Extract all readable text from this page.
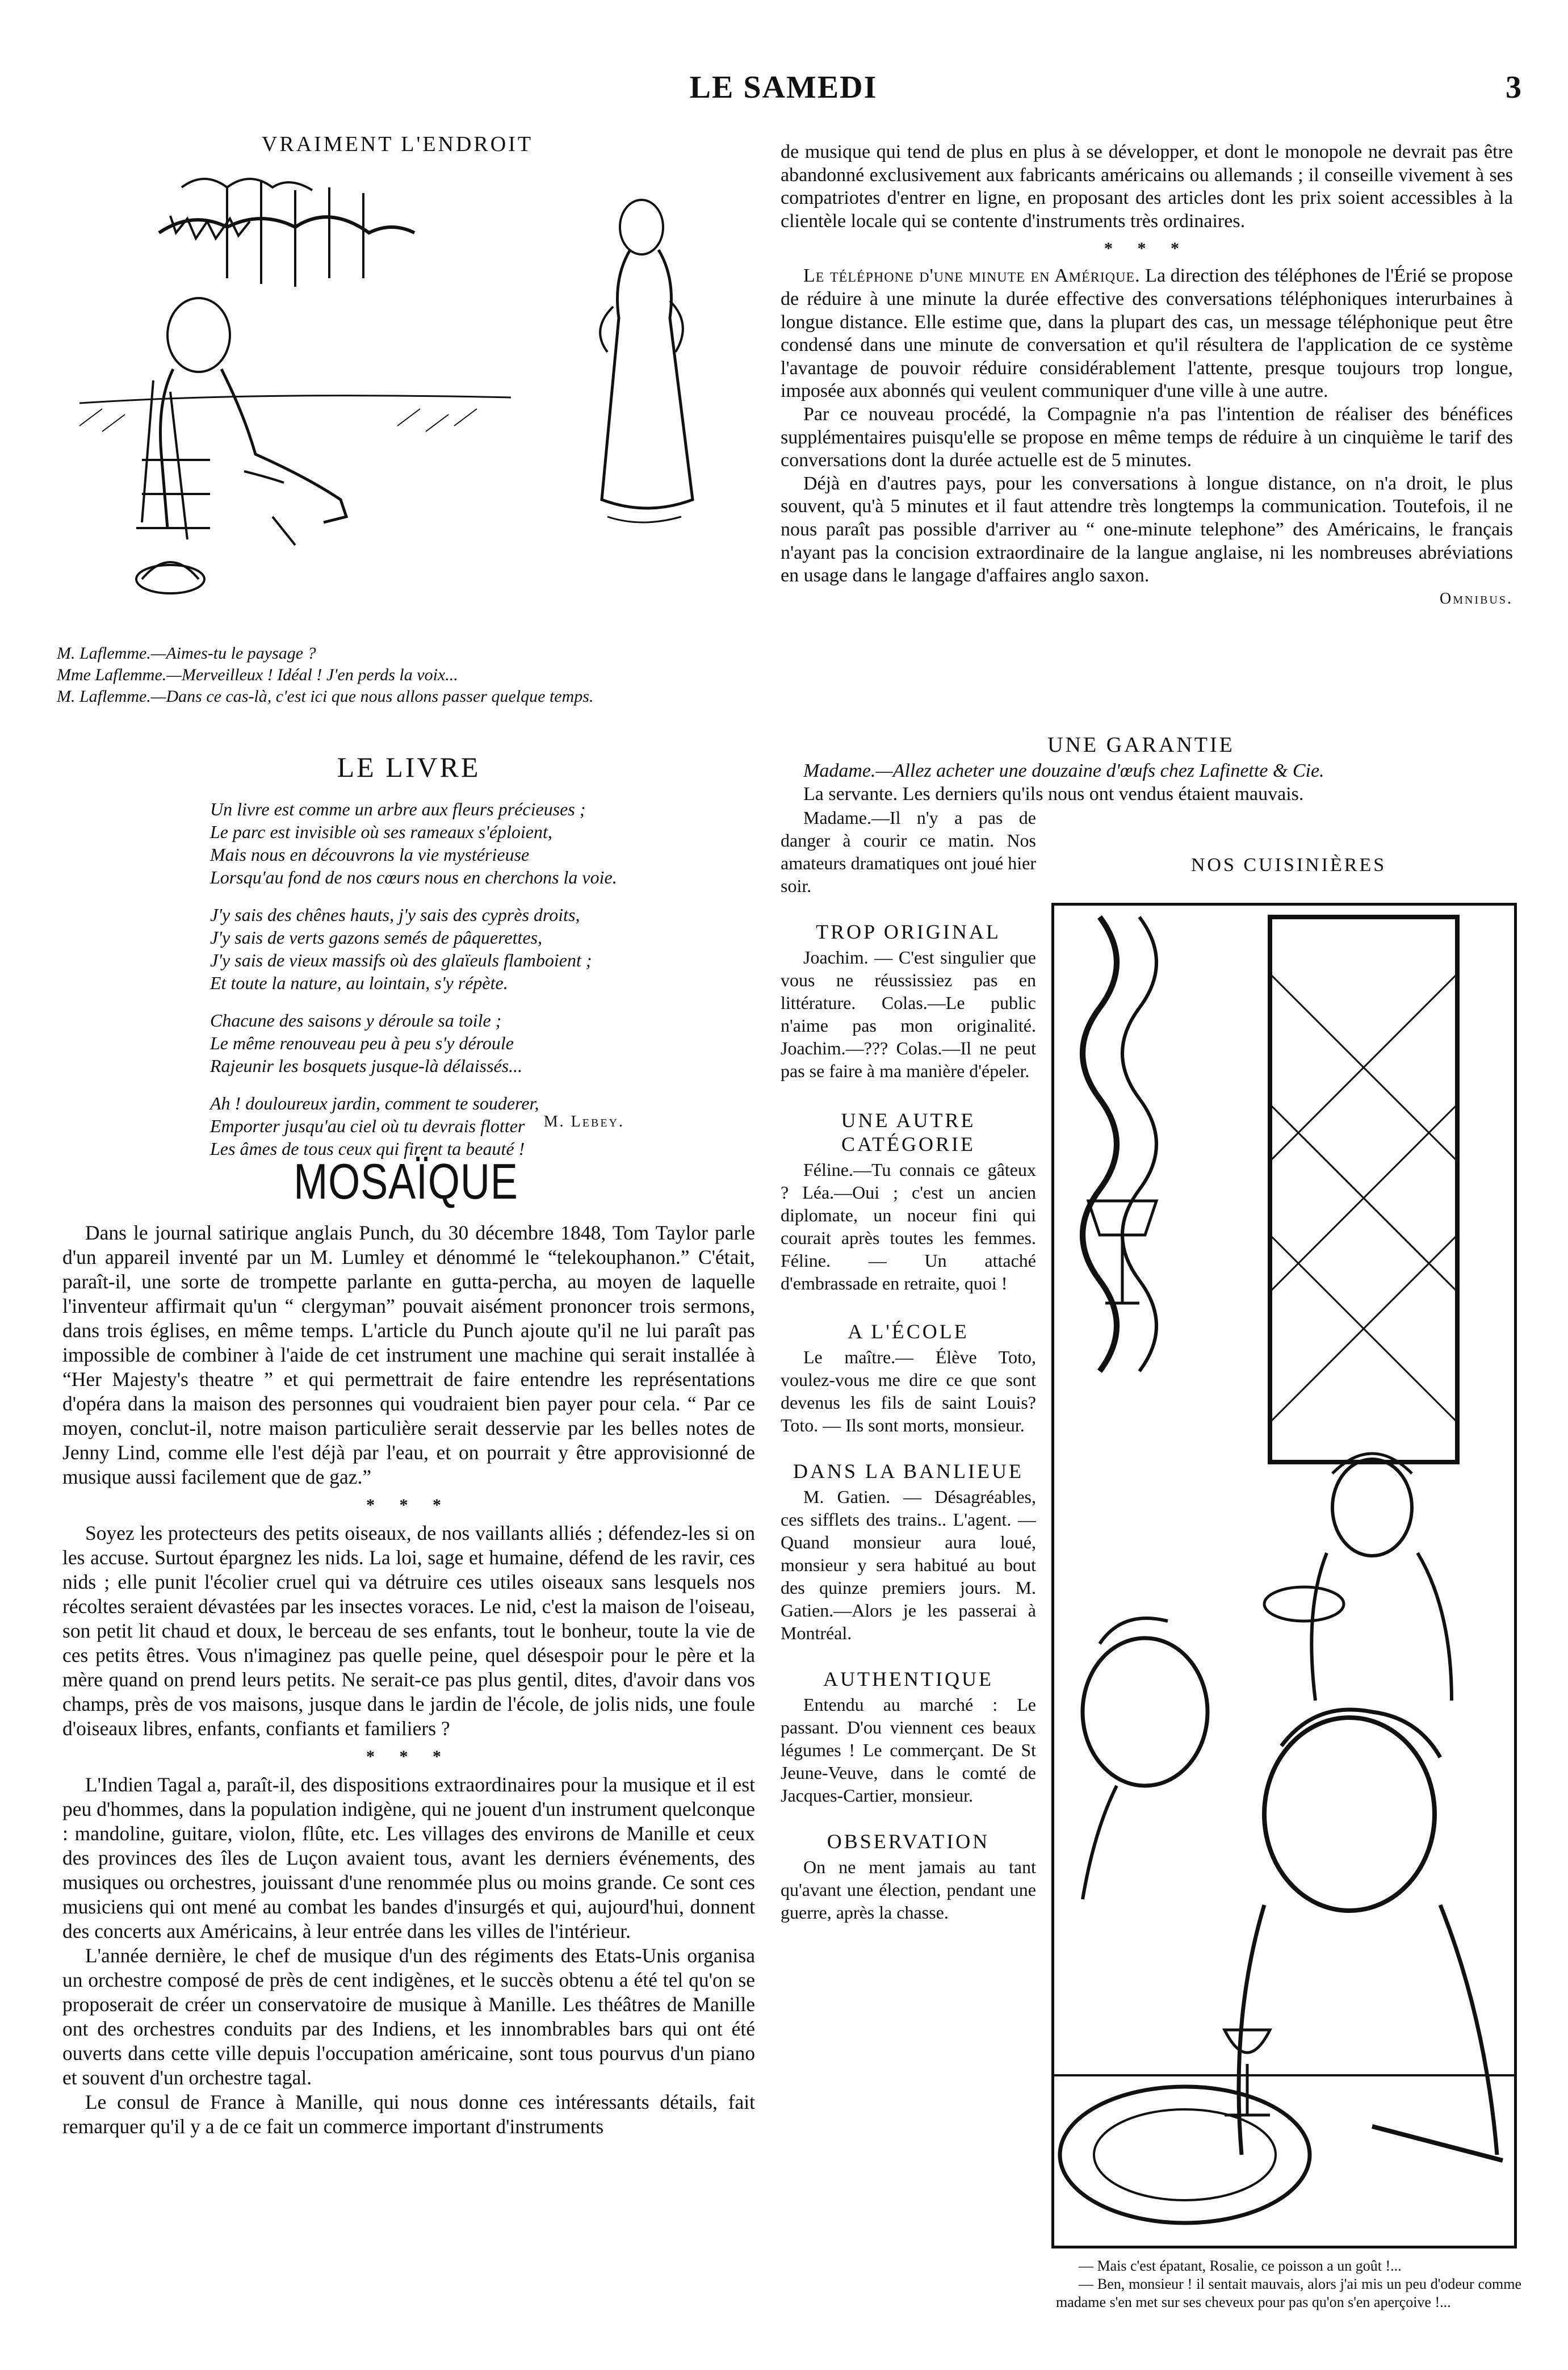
LE SAMEDI	3
VRAIMENT L'ENDROIT

M. Laflemme.—Aimes-tu le paysage ?

Mme Laflemme.—Merveilleux ! Idéal ! J'en perds la voix...

M. Laflemme.—Dans ce cas-là, c'est ici que nous allons passer quelque temps.

LE LIVRE

Un livre est comme un arbre aux fleurs précieuses ;

Le parc est invisible où ses rameaux s'éploient,

Mais nous en découvrons la vie mystérieuse

Lorsqu'au fond de nos cœurs nous en cherchons la voie.

J'y sais des chênes hauts, j'y sais des cyprès droits,

J'y sais de verts gazons semés de pâquerettes,

J'y sais de vieux massifs où des glaïeuls flamboient ;

Et toute la nature, au lointain, s'y répète.

Chacune des saisons y déroule sa toile ;

Le même renouveau peu à peu s'y déroule

Rajeunir les bosquets jusque-là délaissés...

Ah ! douloureux jardin, comment te souderer,

Emporter jusqu'au ciel où tu devrais flotter

Les âmes de tous ceux qui firent ta beauté !

M. Lebey.
MOSAÏQUE

Dans le journal satirique anglais Punch, du 30 décembre 1848, Tom Taylor parle d'un appareil inventé par un M. Lumley et dénommé le “telekouphanon.” C'était, paraît-il, une sorte de trompette parlante en gutta-percha, au moyen de laquelle l'inventeur affirmait qu'un “ clergyman” pouvait aisément prononcer trois sermons, dans trois églises, en même temps. L'article du Punch ajoute qu'il ne lui paraît pas impossible de combiner à l'aide de cet instrument une machine qui serait installée à “Her Majesty's theatre ” et qui permettrait de faire entendre les représentations d'opéra dans la maison des personnes qui voudraient bien payer pour cela. “ Par ce moyen, conclut-il, notre maison particulière serait desservie par les belles notes de Jenny Lind, comme elle l'est déjà par l'eau, et on pourrait y être approvisionné de musique aussi facilement que de gaz.”

* * *

Soyez les protecteurs des petits oiseaux, de nos vaillants alliés ; défendez-les si on les accuse. Surtout épargnez les nids. La loi, sage et humaine, défend de les ravir, ces nids ; elle punit l'écolier cruel qui va détruire ces utiles oiseaux sans lesquels nos récoltes seraient dévastées par les insectes voraces. Le nid, c'est la maison de l'oiseau, son petit lit chaud et doux, le berceau de ses enfants, tout le bonheur, toute la vie de ces petits êtres. Vous n'imaginez pas quelle peine, quel désespoir pour le père et la mère quand on prend leurs petits. Ne serait-ce pas plus gentil, dites, d'avoir dans vos champs, près de vos maisons, jusque dans le jardin de l'école, de jolis nids, une foule d'oiseaux libres, enfants, confiants et familiers ?

* * *

L'Indien Tagal a, paraît-il, des dispositions extraordinaires pour la musique et il est peu d'hommes, dans la population indigène, qui ne jouent d'un instrument quelconque : mandoline, guitare, violon, flûte, etc. Les villages des environs de Manille et ceux des provinces des îles de Luçon avaient tous, avant les derniers événements, des musiques ou orchestres, jouissant d'une renommée plus ou moins grande. Ce sont ces musiciens qui ont mené au combat les bandes d'insurgés et qui, aujourd'hui, donnent des concerts aux Américains, à leur entrée dans les villes de l'intérieur.

L'année dernière, le chef de musique d'un des régiments des Etats-Unis organisa un orchestre composé de près de cent indigènes, et le succès obtenu a été tel qu'on se proposerait de créer un conservatoire de musique à Manille. Les théâtres de Manille ont des orchestres conduits par des Indiens, et les innombrables bars qui ont été ouverts dans cette ville depuis l'occupation américaine, sont tous pourvus d'un piano et souvent d'un orchestre tagal.

Le consul de France à Manille, qui nous donne ces intéressants détails, fait remarquer qu'il y a de ce fait un commerce important d'instruments

de musique qui tend de plus en plus à se développer, et dont le monopole ne devrait pas être abandonné exclusivement aux fabricants américains ou allemands ; il conseille vivement à ses compatriotes d'entrer en ligne, en proposant des articles dont les prix soient accessibles à la clientèle locale qui se contente d'instruments très ordinaires.

* * *

Le téléphone d'une minute en Amérique. La direction des téléphones de l'Érié se propose de réduire à une minute la durée effective des conversations téléphoniques interurbaines à longue distance. Elle estime que, dans la plupart des cas, un message téléphonique peut être condensé dans une minute de conversation et qu'il résultera de l'application de ce système l'avantage de pouvoir réduire considérablement l'attente, presque toujours trop longue, imposée aux abonnés qui veulent communiquer d'une ville à une autre.

Par ce nouveau procédé, la Compagnie n'a pas l'intention de réaliser des bénéfices supplémentaires puisqu'elle se propose en même temps de réduire à un cinquième le tarif des conversations dont la durée actuelle est de 5 minutes.

Déjà en d'autres pays, pour les conversations à longue distance, on n'a droit, le plus souvent, qu'à 5 minutes et il faut attendre très longtemps la communication. Toutefois, il ne nous paraît pas possible d'arriver au “ one-minute telephone” des Américains, le français n'ayant pas la concision extraordinaire de la langue anglaise, ni les nombreuses abréviations en usage dans le langage d'affaires anglo saxon.

Omnibus.

UNE GARANTIE

Madame.—Allez acheter une douzaine d'œufs chez Lafinette & Cie.

La servante. Les derniers qu'ils nous ont vendus étaient mauvais.

Madame.—Il n'y a pas de danger à courir ce matin. Nos amateurs dramatiques ont joué hier soir.

TROP ORIGINAL

Joachim. — C'est singulier que vous ne réussissiez pas en littérature. Colas.—Le public n'aime pas mon originalité. Joachim.—??? Colas.—Il ne peut pas se faire à ma manière d'épeler.

UNE AUTRE CATÉGORIE

Féline.—Tu connais ce gâteux ? Léa.—Oui ; c'est un ancien diplomate, un noceur fini qui courait après toutes les femmes. Féline. — Un attaché d'embrassade en retraite, quoi !

A L'ÉCOLE

Le maître.— Élève Toto, voulez-vous me dire ce que sont devenus les fils de saint Louis? Toto. — Ils sont morts, monsieur.

DANS LA BANLIEUE

M. Gatien. — Désagréables, ces sifflets des trains.. L'agent. — Quand monsieur aura loué, monsieur y sera habitué au bout des quinze premiers jours. M. Gatien.—Alors je les passerai à Montréal.

AUTHENTIQUE

Entendu au marché : Le passant. D'ou viennent ces beaux légumes ! Le commerçant. De St Jeune-Veuve, dans le comté de Jacques-Cartier, monsieur.

OBSERVATION

On ne ment jamais au tant qu'avant une élection, pendant une guerre, après la chasse.

NOS CUISINIÈRES

— Mais c'est épatant, Rosalie, ce poisson a un goût !...

— Ben, monsieur ! il sentait mauvais, alors j'ai mis un peu d'odeur comme madame s'en met sur ses cheveux pour pas qu'on s'en aperçoive !...
